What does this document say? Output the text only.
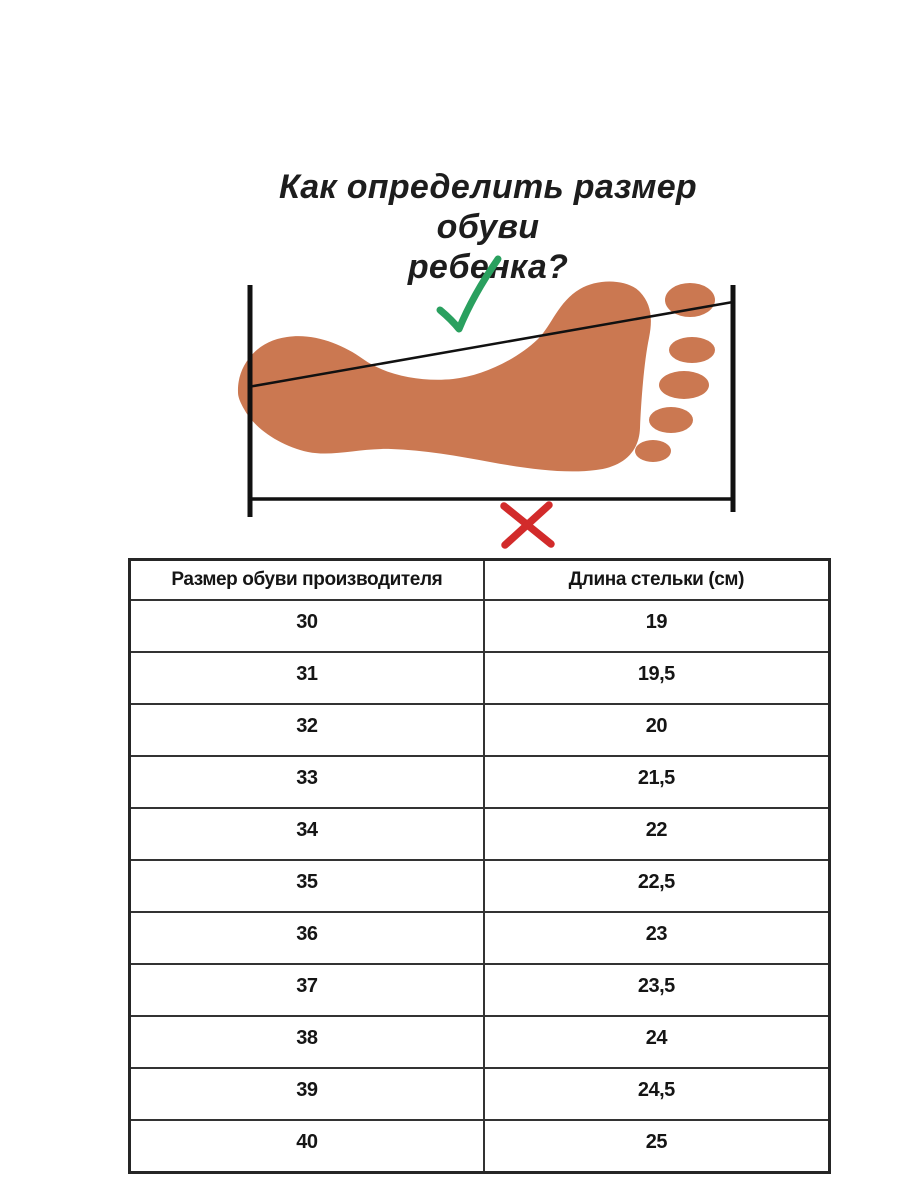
Как определить размер обуви
ребенка?
Размер обуви производителя	Длина стельки (см)
30	19
31	19,5
32	20
33	21,5
34	22
35	22,5
36	23
37	23,5
38	24
39	24,5
40	25
